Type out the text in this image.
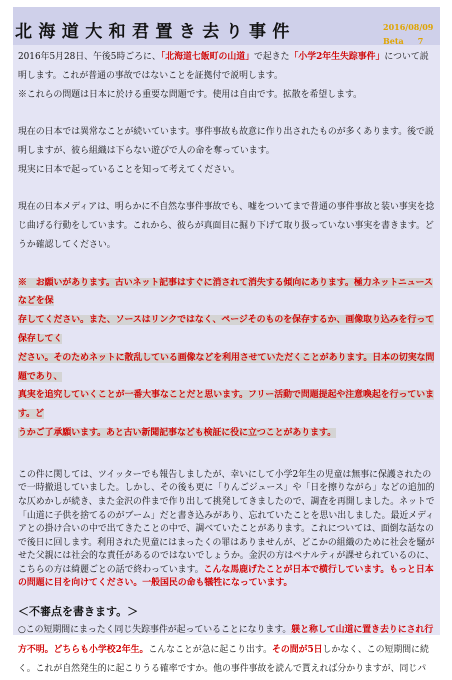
北海道大和君置き去り事件	2016/08/09
Beta 7

2016年5月28日、午後5時ごろに、「北海道七飯町の山道」で起きた「小学2年生失踪事件」について説明します。これが普通の事故ではないことを証拠付で説明します。

※これらの問題は日本に於ける重要な問題です。使用は自由です。拡散を希望します。

現在の日本では異常なことが続いています。事件事故も故意に作り出されたものが多くあります。後で説明しますが、彼ら組織は下らない遊びで人の命を奪っています。

現実に日本で起っていることを知って考えてください。

現在の日本メディアは、明らかに不自然な事件事故でも、嘘をついてまで普通の事件事故と装い事実を捻じ曲げる行動をしています。これから、彼らが真面目に掘り下げて取り扱っていない事実を書きます。どうか確認してください。

※　お願いがあります。古いネット記事はすぐに消されて消失する傾向にあります。極力ネットニュースなどを保
存してください。また、ソースはリンクではなく、ページそのものを保存するか、画像取り込みを行って保存してく
ださい。そのためネットに散乱している画像などを利用させていただくことがあります。日本の切実な問題であり、
真実を追究していくことが一番大事なことだと思います。フリー活動で問題提起や注意喚起を行っています。ど
うかご了承願います。あと古い新聞記事なども検証に役に立つことがあります。

この件に関しては、ツイッターでも報告しましたが、幸いにして小学2年生の児童は無事に保護されたので一時撤退していました。しかし、その後も更に「りんごジュース」や「日を擦りながら」などの追加的な仄めかしが続き、また金沢の件まで作り出して挑発してきましたので、調査を再開しました。ネットで「山道に子供を捨てるのがブーム」だと書き込みがあり、忘れていたことを思い出しました。最近メディアとの掛け合いの中で出てきたことの中で、調べていたことがあります。これについては、面倒な話なので後日に回します。利用された児童にはまったくの罪はありませんが、どこかの組織のために社会を騒がせた父親には社会的な責任があるのではないでしょうか。金沢の方はペナルティが課せられているのに、こちらの方は綺麗ごとの話で終わっています。こんな馬鹿げたことが日本で横行しています。もっと日本の問題に目を向けてください。一般国民の命も犠牲になっています。

＜不審点を書きます。＞

○この短期間にまったく同じ失踪事件が起っていることになります。躾と称して山道に置き去りにされ行方不明。どちらも小学校2年生。こんなことが急に起こり出す。その間が5日しかなく、この短期間に続く。これが自然発生的に起こりうる確率ですか。他の事件事故を読んで貰えれば分かりますが、同じパ
